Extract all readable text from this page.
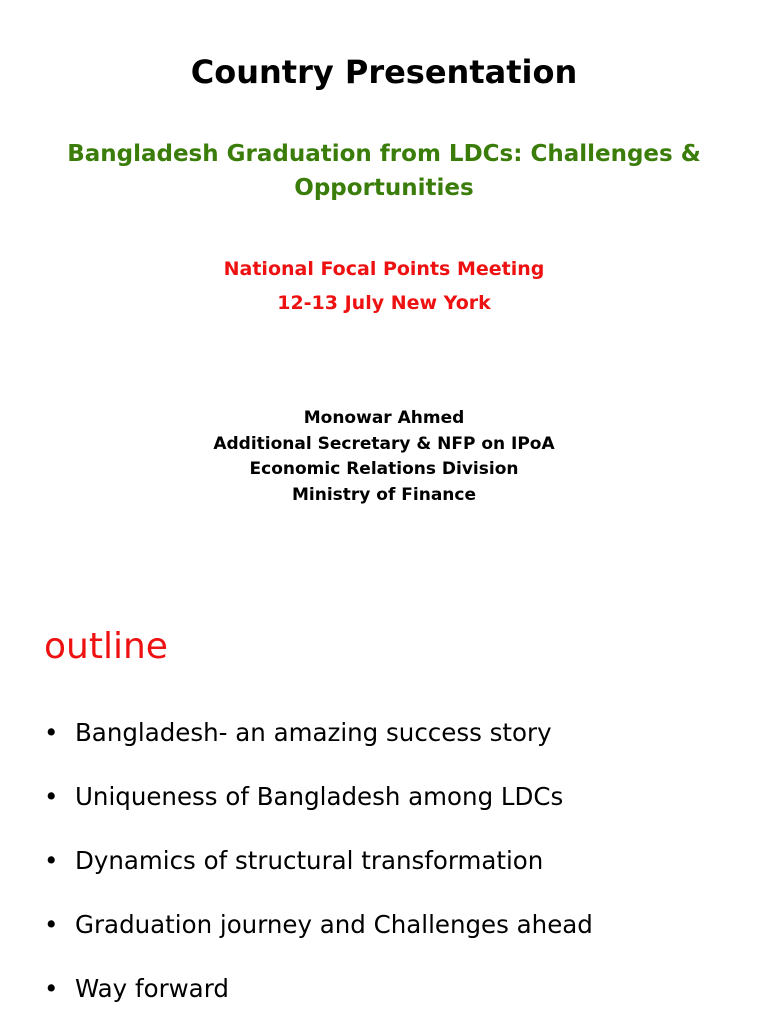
Country Presentation
Bangladesh Graduation from LDCs: Challenges & Opportunities
National Focal Points Meeting
12-13 July New York
Monowar Ahmed
Additional Secretary & NFP on IPoA
Economic Relations Division
Ministry of Finance
outline
• Bangladesh- an amazing success story
• Uniqueness of Bangladesh among LDCs
• Dynamics of structural transformation
• Graduation journey and Challenges ahead
• Way forward
